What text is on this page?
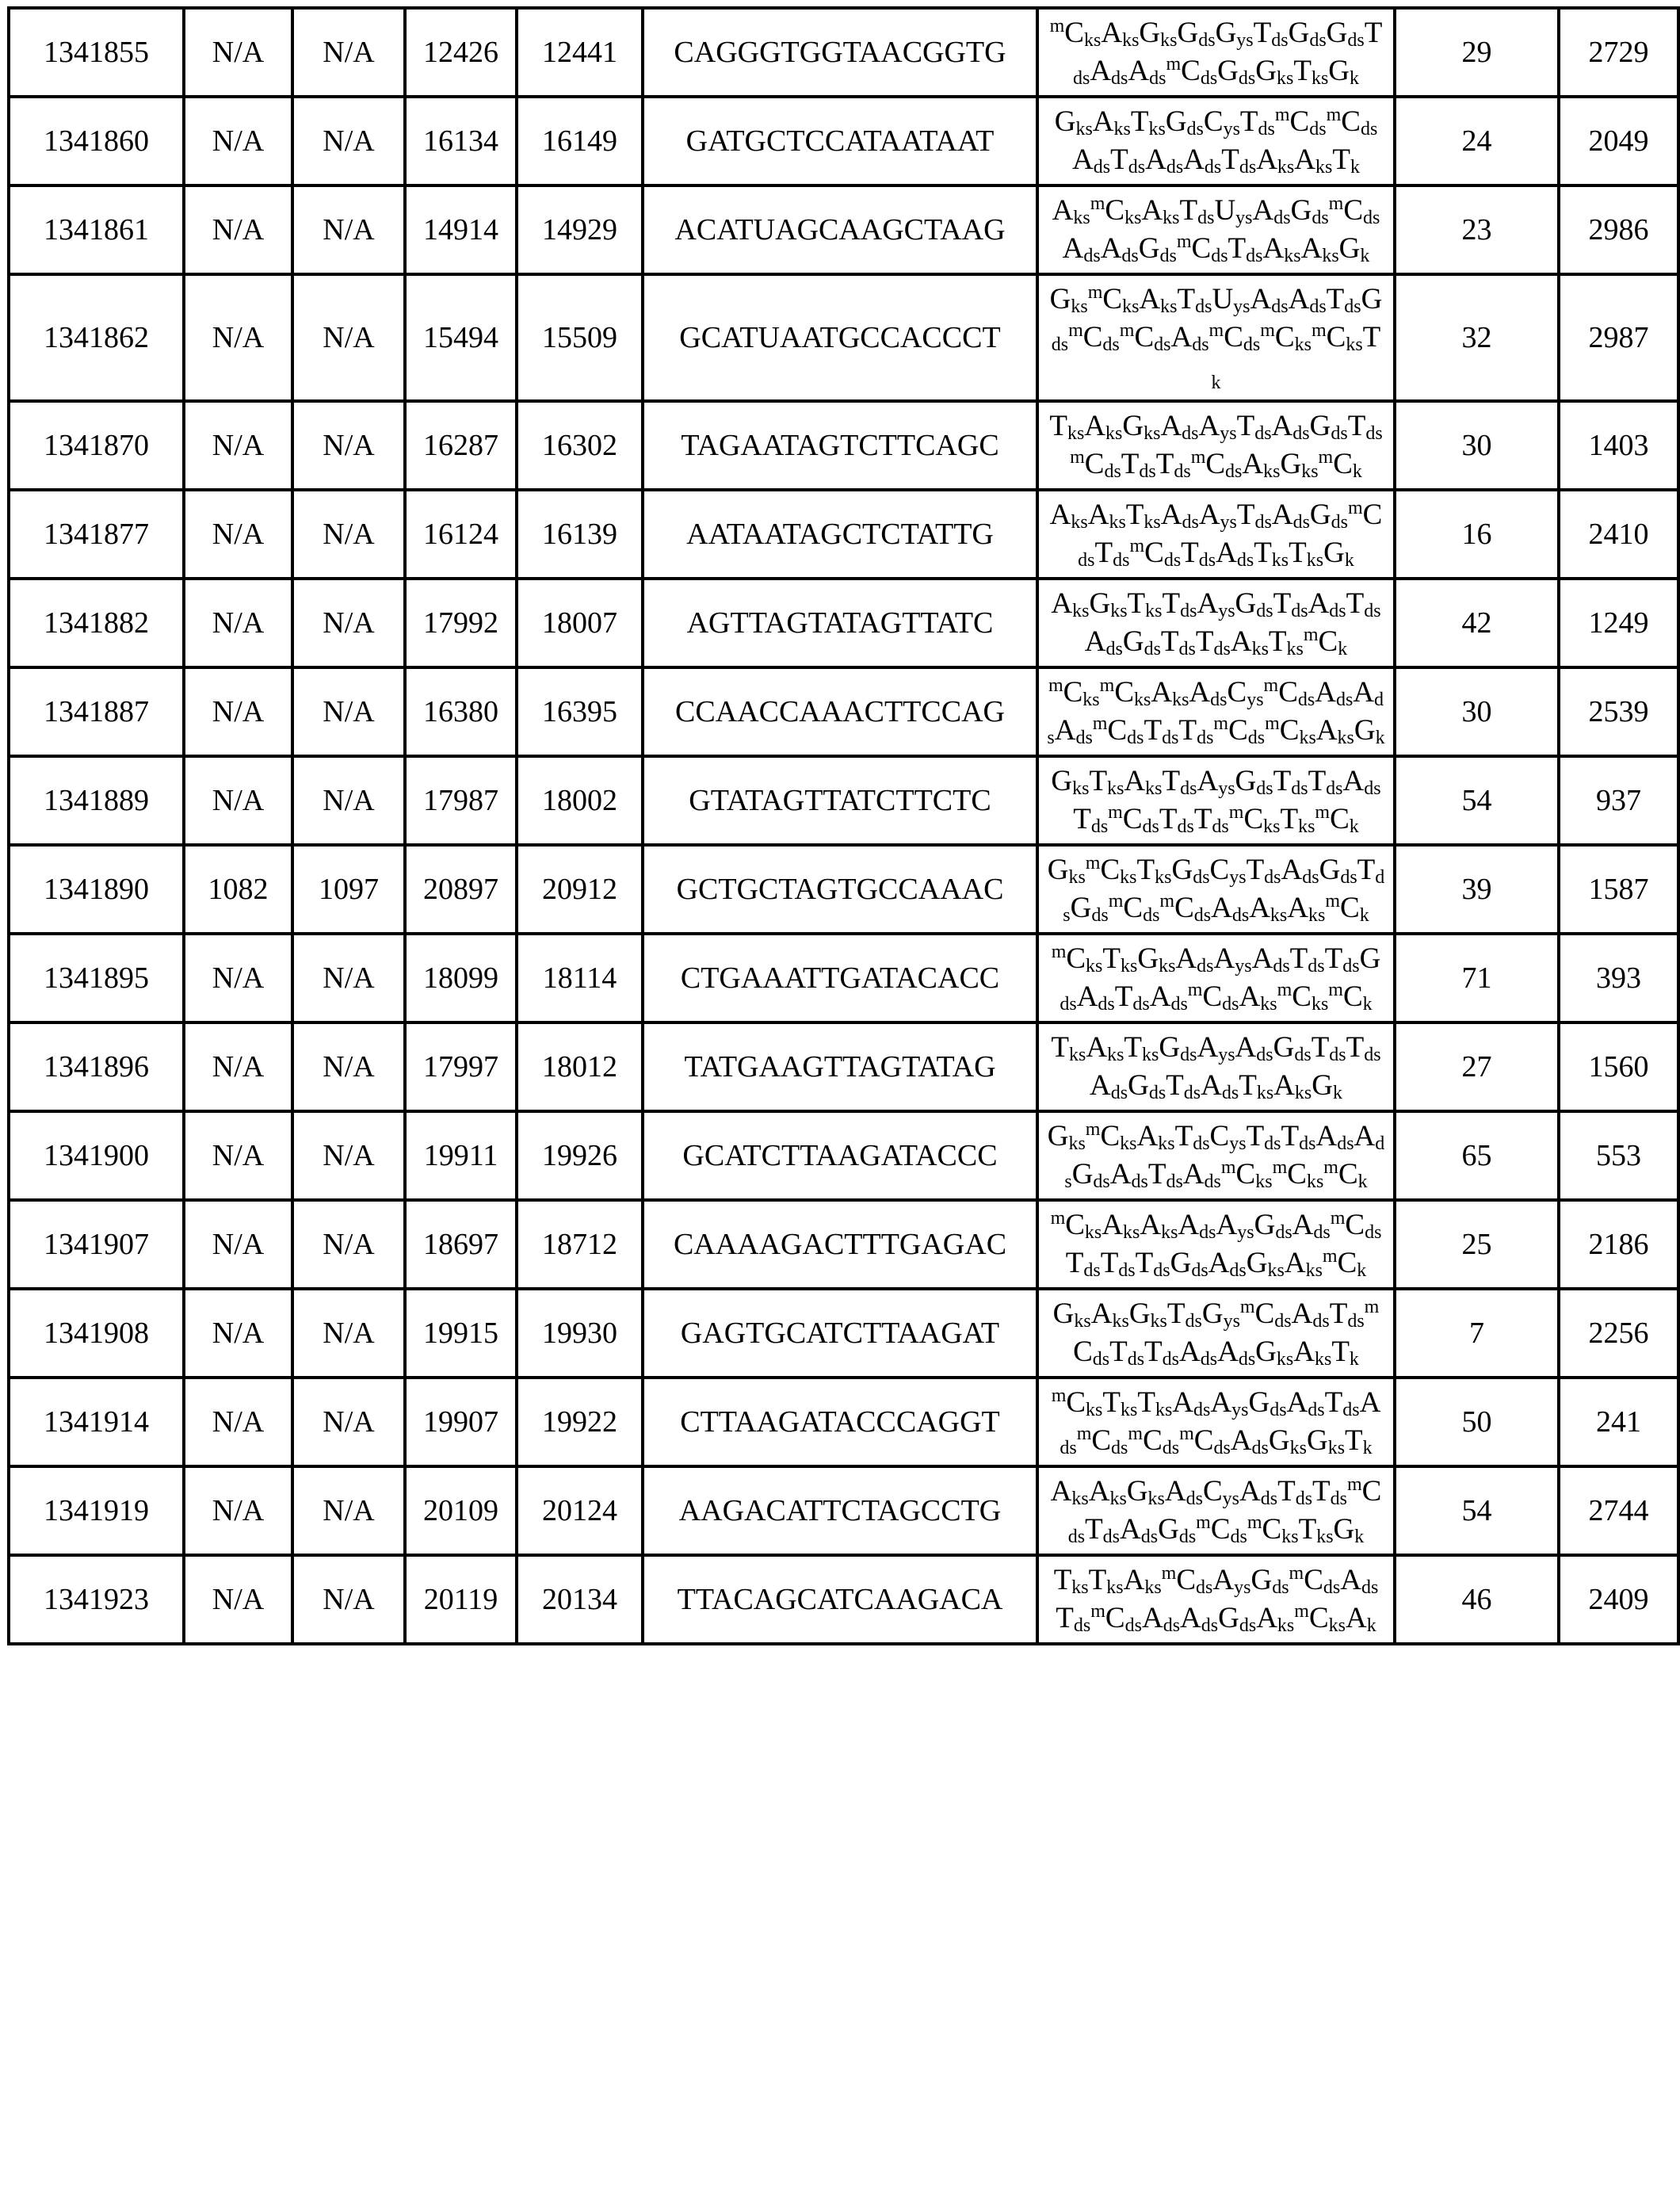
1341855	N/A	N/A	12426	12441	CAGGGTGGTAACGGTG	mCksAksGksGdsGysTdsGdsGdsTdsAdsAdsmCdsGdsGksTksGk	29	2729
1341860	N/A	N/A	16134	16149	GATGCTCCATAATAAT	GksAksTksGdsCysTdsmCdsmCdsAdsTdsAdsAdsTdsAksAksTk	24	2049
1341861	N/A	N/A	14914	14929	ACATUAGCAAGCTAAG	AksmCksAksTdsUysAdsGdsmCdsAdsAdsGdsmCdsTdsAksAksGk	23	2986
1341862	N/A	N/A	15494	15509	GCATUAATGCCACCCT	GksmCksAksTdsUysAdsAdsTdsGdsmCdsmCdsAdsmCdsmCksmCksTk	32	2987
1341870	N/A	N/A	16287	16302	TAGAATAGTCTTCAGC	TksAksGksAdsAysTdsAdsGdsTdsmCdsTdsTdsmCdsAksGksmCk	30	1403
1341877	N/A	N/A	16124	16139	AATAATAGCTCTATTG	AksAksTksAdsAysTdsAdsGdsmCdsTdsmCdsTdsAdsTksTksGk	16	2410
1341882	N/A	N/A	17992	18007	AGTTAGTATAGTTATC	AksGksTksTdsAysGdsTdsAdsTdsAdsGdsTdsTdsAksTksmCk	42	1249
1341887	N/A	N/A	16380	16395	CCAACCAAACTTCCAG	mCksmCksAksAdsCysmCdsAdsAdsAdsmCdsTdsTdsmCdsmCksAksGk	30	2539
1341889	N/A	N/A	17987	18002	GTATAGTTATCTTCTC	GksTksAksTdsAysGdsTdsTdsAdsTdsmCdsTdsTdsmCksTksmCk	54	937
1341890	1082	1097	20897	20912	GCTGCTAGTGCCAAAC	GksmCksTksGdsCysTdsAdsGdsTdsGdsmCdsmCdsAdsAksAksmCk	39	1587
1341895	N/A	N/A	18099	18114	CTGAAATTGATACACC	mCksTksGksAdsAysAdsTdsTdsGdsAdsTdsAdsmCdsAksmCksmCk	71	393
1341896	N/A	N/A	17997	18012	TATGAAGTTAGTATAG	TksAksTksGdsAysAdsGdsTdsTdsAdsGdsTdsAdsTksAksGk	27	1560
1341900	N/A	N/A	19911	19926	GCATCTTAAGATACCC	GksmCksAksTdsCysTdsTdsAdsAdsGdsAdsTdsAdsmCksmCksmCk	65	553
1341907	N/A	N/A	18697	18712	CAAAAGACTTTGAGAC	mCksAksAksAdsAysGdsAdsmCdsTdsTdsTdsGdsAdsGksAksmCk	25	2186
1341908	N/A	N/A	19915	19930	GAGTGCATCTTAAGAT	GksAksGksTdsGysmCdsAdsTdsmCdsTdsTdsAdsAdsGksAksTk	7	2256
1341914	N/A	N/A	19907	19922	CTTAAGATACCCAGGT	mCksTksTksAdsAysGdsAdsTdsAdsmCdsmCdsmCdsAdsGksGksTk	50	241
1341919	N/A	N/A	20109	20124	AAGACATTCTAGCCTG	AksAksGksAdsCysAdsTdsTdsmCdsTdsAdsGdsmCdsmCksTksGk	54	2744
1341923	N/A	N/A	20119	20134	TTACAGCATCAAGACA	TksTksAksmCdsAysGdsmCdsAdsTdsmCdsAdsAdsGdsAksmCksAk	46	2409
